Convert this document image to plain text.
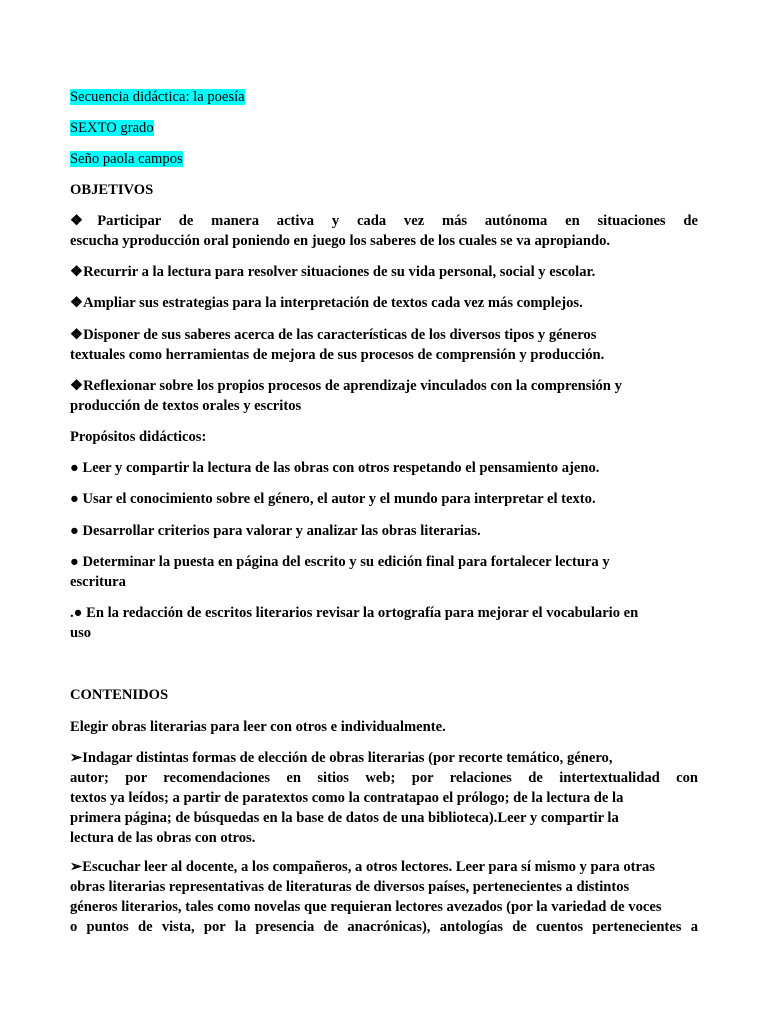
Secuencia didáctica: la poesía

SEXTO grado

Seño paola campos

OBJETIVOS

❖Participar de manera activa y cada vez más autónoma en situaciones de
escucha yproducción oral poniendo en juego los saberes de los cuales se va apropiando.

❖Recurrir a la lectura para resolver situaciones de su vida personal, social y escolar.

❖Ampliar sus estrategias para la interpretación de textos cada vez más complejos.

❖Disponer de sus saberes acerca de las características de los diversos tipos y géneros
textuales como herramientas de mejora de sus procesos de comprensión y producción.

❖Reflexionar sobre los propios procesos de aprendizaje vinculados con la comprensión y
producción de textos orales y escritos

Propósitos didácticos:

● Leer y compartir la lectura de las obras con otros respetando el pensamiento ajeno.

● Usar el conocimiento sobre el género, el autor y el mundo para interpretar el texto.

● Desarrollar criterios para valorar y analizar las obras literarias.

● Determinar la puesta en página del escrito y su edición final para fortalecer lectura y
escritura

.● En la redacción de escritos literarios revisar la ortografía para mejorar el vocabulario en
uso

CONTENIDOS

Elegir obras literarias para leer con otros e individualmente.

➢Indagar distintas formas de elección de obras literarias (por recorte temático, género,
autor; por recomendaciones en sitios web; por relaciones de intertextualidad con
textos ya leídos; a partir de paratextos como la contratapao el prólogo; de la lectura de la
primera página; de búsquedas en la base de datos de una biblioteca).Leer y compartir la
lectura de las obras con otros.

➢Escuchar leer al docente, a los compañeros, a otros lectores. Leer para sí mismo y para otras
obras literarias representativas de literaturas de diversos países, pertenecientes a distintos
géneros literarios, tales como novelas que requieran lectores avezados (por la variedad de voces
o puntos de vista, por la presencia de anacrónicas), antologías de cuentos pertenecientes a
